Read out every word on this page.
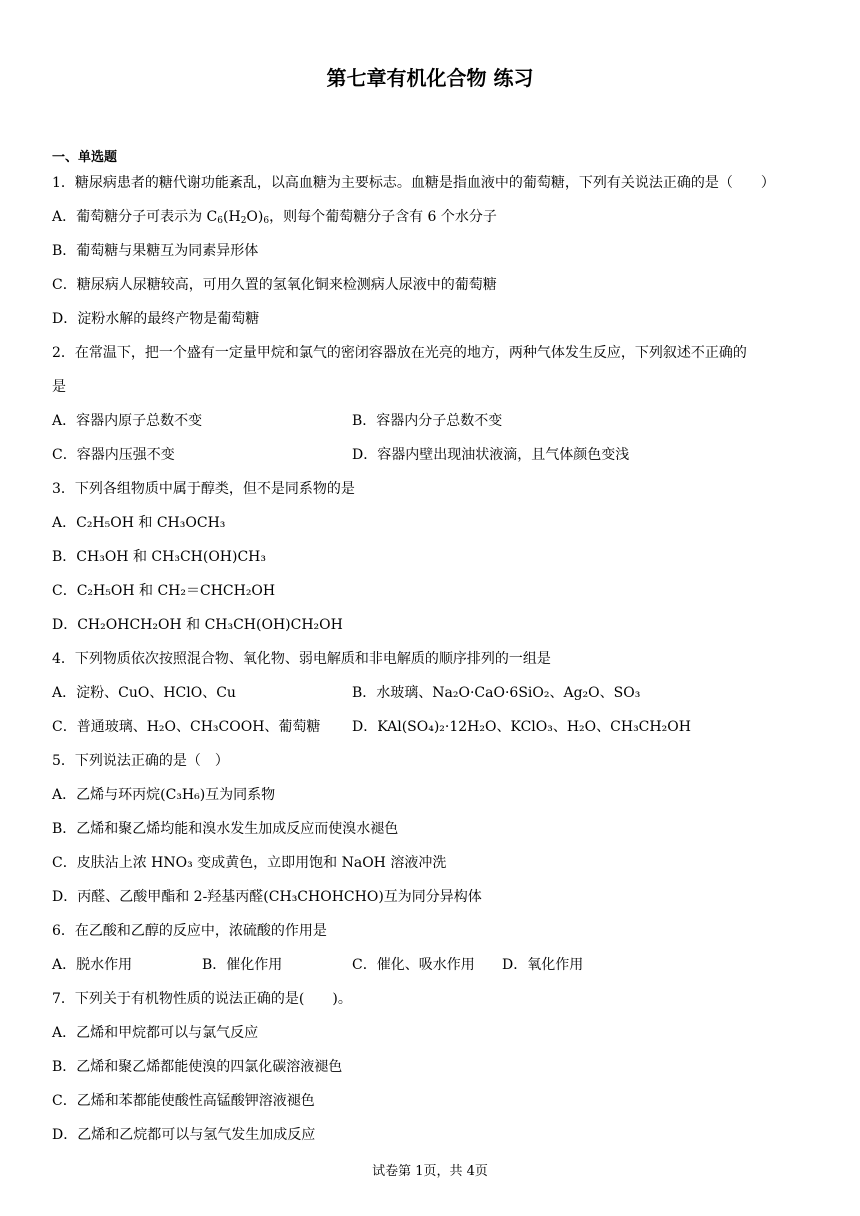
第七章有机化合物 练习
一、单选题
1．糖尿病患者的糖代谢功能紊乱，以高血糖为主要标志。血糖是指血液中的葡萄糖，下列有关说法正确的是（　　）
A．葡萄糖分子可表示为 $C_6(H_2O)_6$，则每个葡萄糖分子含有 6 个水分子
B．葡萄糖与果糖互为同素异形体
C．糖尿病人尿糖较高，可用久置的氢氧化铜来检测病人尿液中的葡萄糖
D．淀粉水解的最终产物是葡萄糖
2．在常温下，把一个盛有一定量甲烷和氯气的密闭容器放在光亮的地方，两种气体发生反应，下列叙述不正确的
是
A．容器内原子总数不变	B．容器内分子总数不变
C．容器内压强不变	D．容器内壁出现油状液滴，且气体颜色变浅
3．下列各组物质中属于醇类，但不是同系物的是
A．C₂H₅OH 和 CH₃OCH₃
B．CH₃OH 和 CH₃CH(OH)CH₃
C．C₂H₅OH 和 CH₂＝CHCH₂OH
D．CH₂OHCH₂OH 和 CH₃CH(OH)CH₂OH
4．下列物质依次按照混合物、氧化物、弱电解质和非电解质的顺序排列的一组是
A．淀粉、CuO、HClO、Cu	B．水玻璃、Na₂O·CaO·6SiO₂、Ag₂O、SO₃
C．普通玻璃、H₂O、CH₃COOH、葡萄糖 D．KAl(SO₄)₂·12H₂O、KClO₃、H₂O、CH₃CH₂OH
5．下列说法正确的是（　）
A．乙烯与环丙烷(C₃H₆)互为同系物
B．乙烯和聚乙烯均能和溴水发生加成反应而使溴水褪色
C．皮肤沾上浓 HNO₃ 变成黄色，立即用饱和 NaOH 溶液冲洗
D．丙醛、乙酸甲酯和 2-羟基丙醛(CH₃CHOHCHO)互为同分异构体
6．在乙酸和乙醇的反应中，浓硫酸的作用是
A．脱水作用	B．催化作用	C．催化、吸水作用 D．氧化作用
7．下列关于有机物性质的说法正确的是(　　)。
A．乙烯和甲烷都可以与氯气反应
B．乙烯和聚乙烯都能使溴的四氯化碳溶液褪色
C．乙烯和苯都能使酸性高锰酸钾溶液褪色
D．乙烯和乙烷都可以与氢气发生加成反应
试卷第 1页，共 4页
